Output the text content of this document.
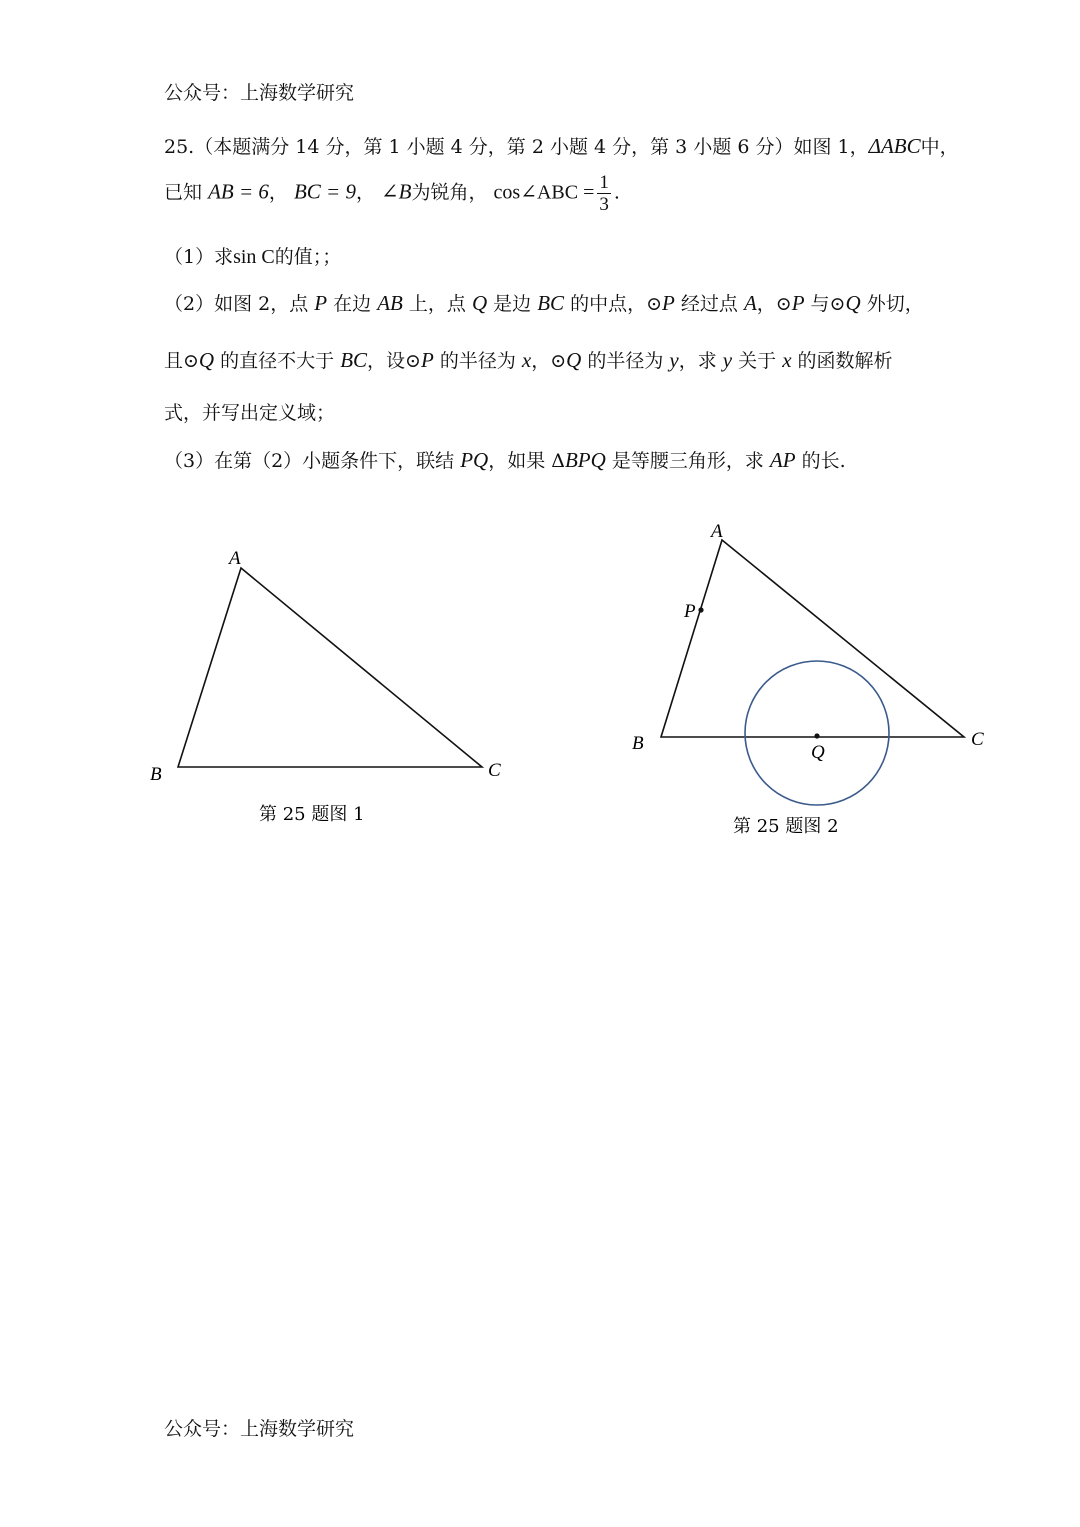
公众号：上海数学研究
25.（本题满分 14 分，第 1 小题 4 分，第 2 小题 4 分，第 3 小题 6 分）如图 1，ΔABC中，
已知 AB = 6， BC = 9， ∠B为锐角， cos∠ABC = $\frac{1}{3}$ .
（1）求sin C的值；；
（2）如图 2，点 P 在边 AB 上，点 Q 是边 BC 的中点，⊙P 经过点 A，⊙P 与⊙Q 外切，
且⊙Q 的直径不大于 BC，设⊙P 的半径为 x，⊙Q 的半径为 y，求 y 关于 x 的函数解析
式，并写出定义域；
（3）在第（2）小题条件下，联结 PQ，如果 ΔBPQ 是等腰三角形，求 AP 的长.
A
B	C
第 25 题图 1
A
P
B	Q
C
第 25 题图 2
公众号：上海数学研究
